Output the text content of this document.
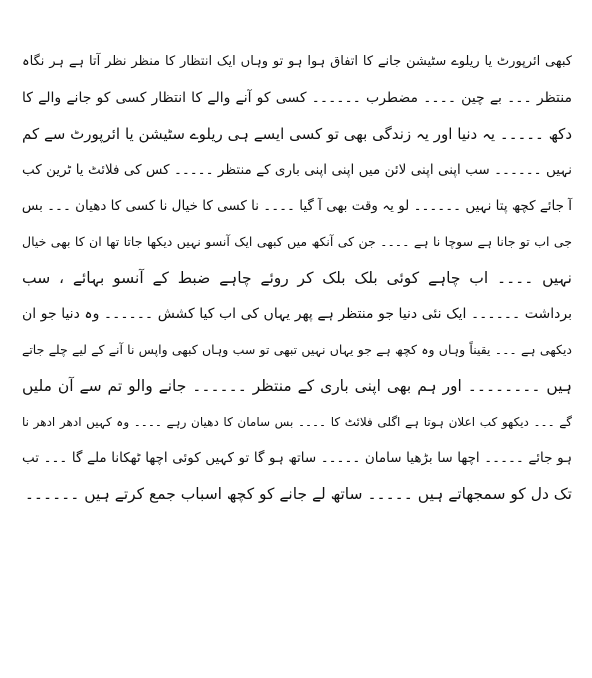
کبھی ائرپورٹ یا ریلوے سٹیشن جانے کا اتفاق ہوا ہو تو وہاں ایک انتظار کا منظر نظر آتا ہے ہر نگاہ
منتظر ۔۔۔ بے چین ۔۔۔۔ مضطرب ۔۔۔۔۔۔ کسی کو آنے والے کا انتظار کسی کو جانے والے کا
دکھ ۔۔۔۔۔ یہ دنیا اور یہ زندگی بھی تو کسی ایسے ہی ریلوے سٹیشن یا ائرپورٹ سے کم
نہیں ۔۔۔۔۔۔ سب اپنی اپنی لائن میں اپنی اپنی باری کے منتظر ۔۔۔۔۔ کس کی فلائٹ یا ٹرین کب
آ جائے کچھ پتا نہیں ۔۔۔۔۔۔ لو یہ وقت بھی آ گیا ۔۔۔۔ نا کسی کا خیال نا کسی کا دھیان ۔۔۔ بس
جی اب تو جانا ہے سوچا نا ہے ۔۔۔۔ جن کی آنکھ میں کبھی ایک آنسو نہیں دیکھا جاتا تھا ان کا بھی خیال
نہیں ۔۔۔۔ اب چاہے کوئی بلک بلک کر روئے چاہے ضبط کے آنسو بہائے ، سب
برداشت ۔۔۔۔۔۔ ایک نئی دنیا جو منتظر ہے پھر یہاں کی اب کیا کشش ۔۔۔۔۔۔ وہ دنیا جو ان
دیکھی ہے ۔۔۔ یقیناً وہاں وہ کچھ ہے جو یہاں نہیں تبھی تو سب وہاں کبھی واپس نا آنے کے لیے چلے جاتے
ہیں ۔۔۔۔۔۔۔۔ اور ہم بھی اپنی باری کے منتظر ۔۔۔۔۔۔ جانے والو تم سے آن ملیں
گے ۔۔۔ دیکھو کب اعلان ہوتا ہے اگلی فلائٹ کا ۔۔۔۔ بس سامان کا دھیان رہے ۔۔۔۔ وہ کہیں ادھر ادھر نا
ہو جائے ۔۔۔۔۔ اچھا سا بڑھیا سامان ۔۔۔۔۔ ساتھ ہو گا تو کہیں کوئی اچھا ٹھکانا ملے گا ۔۔۔ تب
تک دل کو سمجھاتے ہیں ۔۔۔۔۔ ساتھ لے جانے کو کچھ اسباب جمع کرتے ہیں ۔۔۔۔۔۔
